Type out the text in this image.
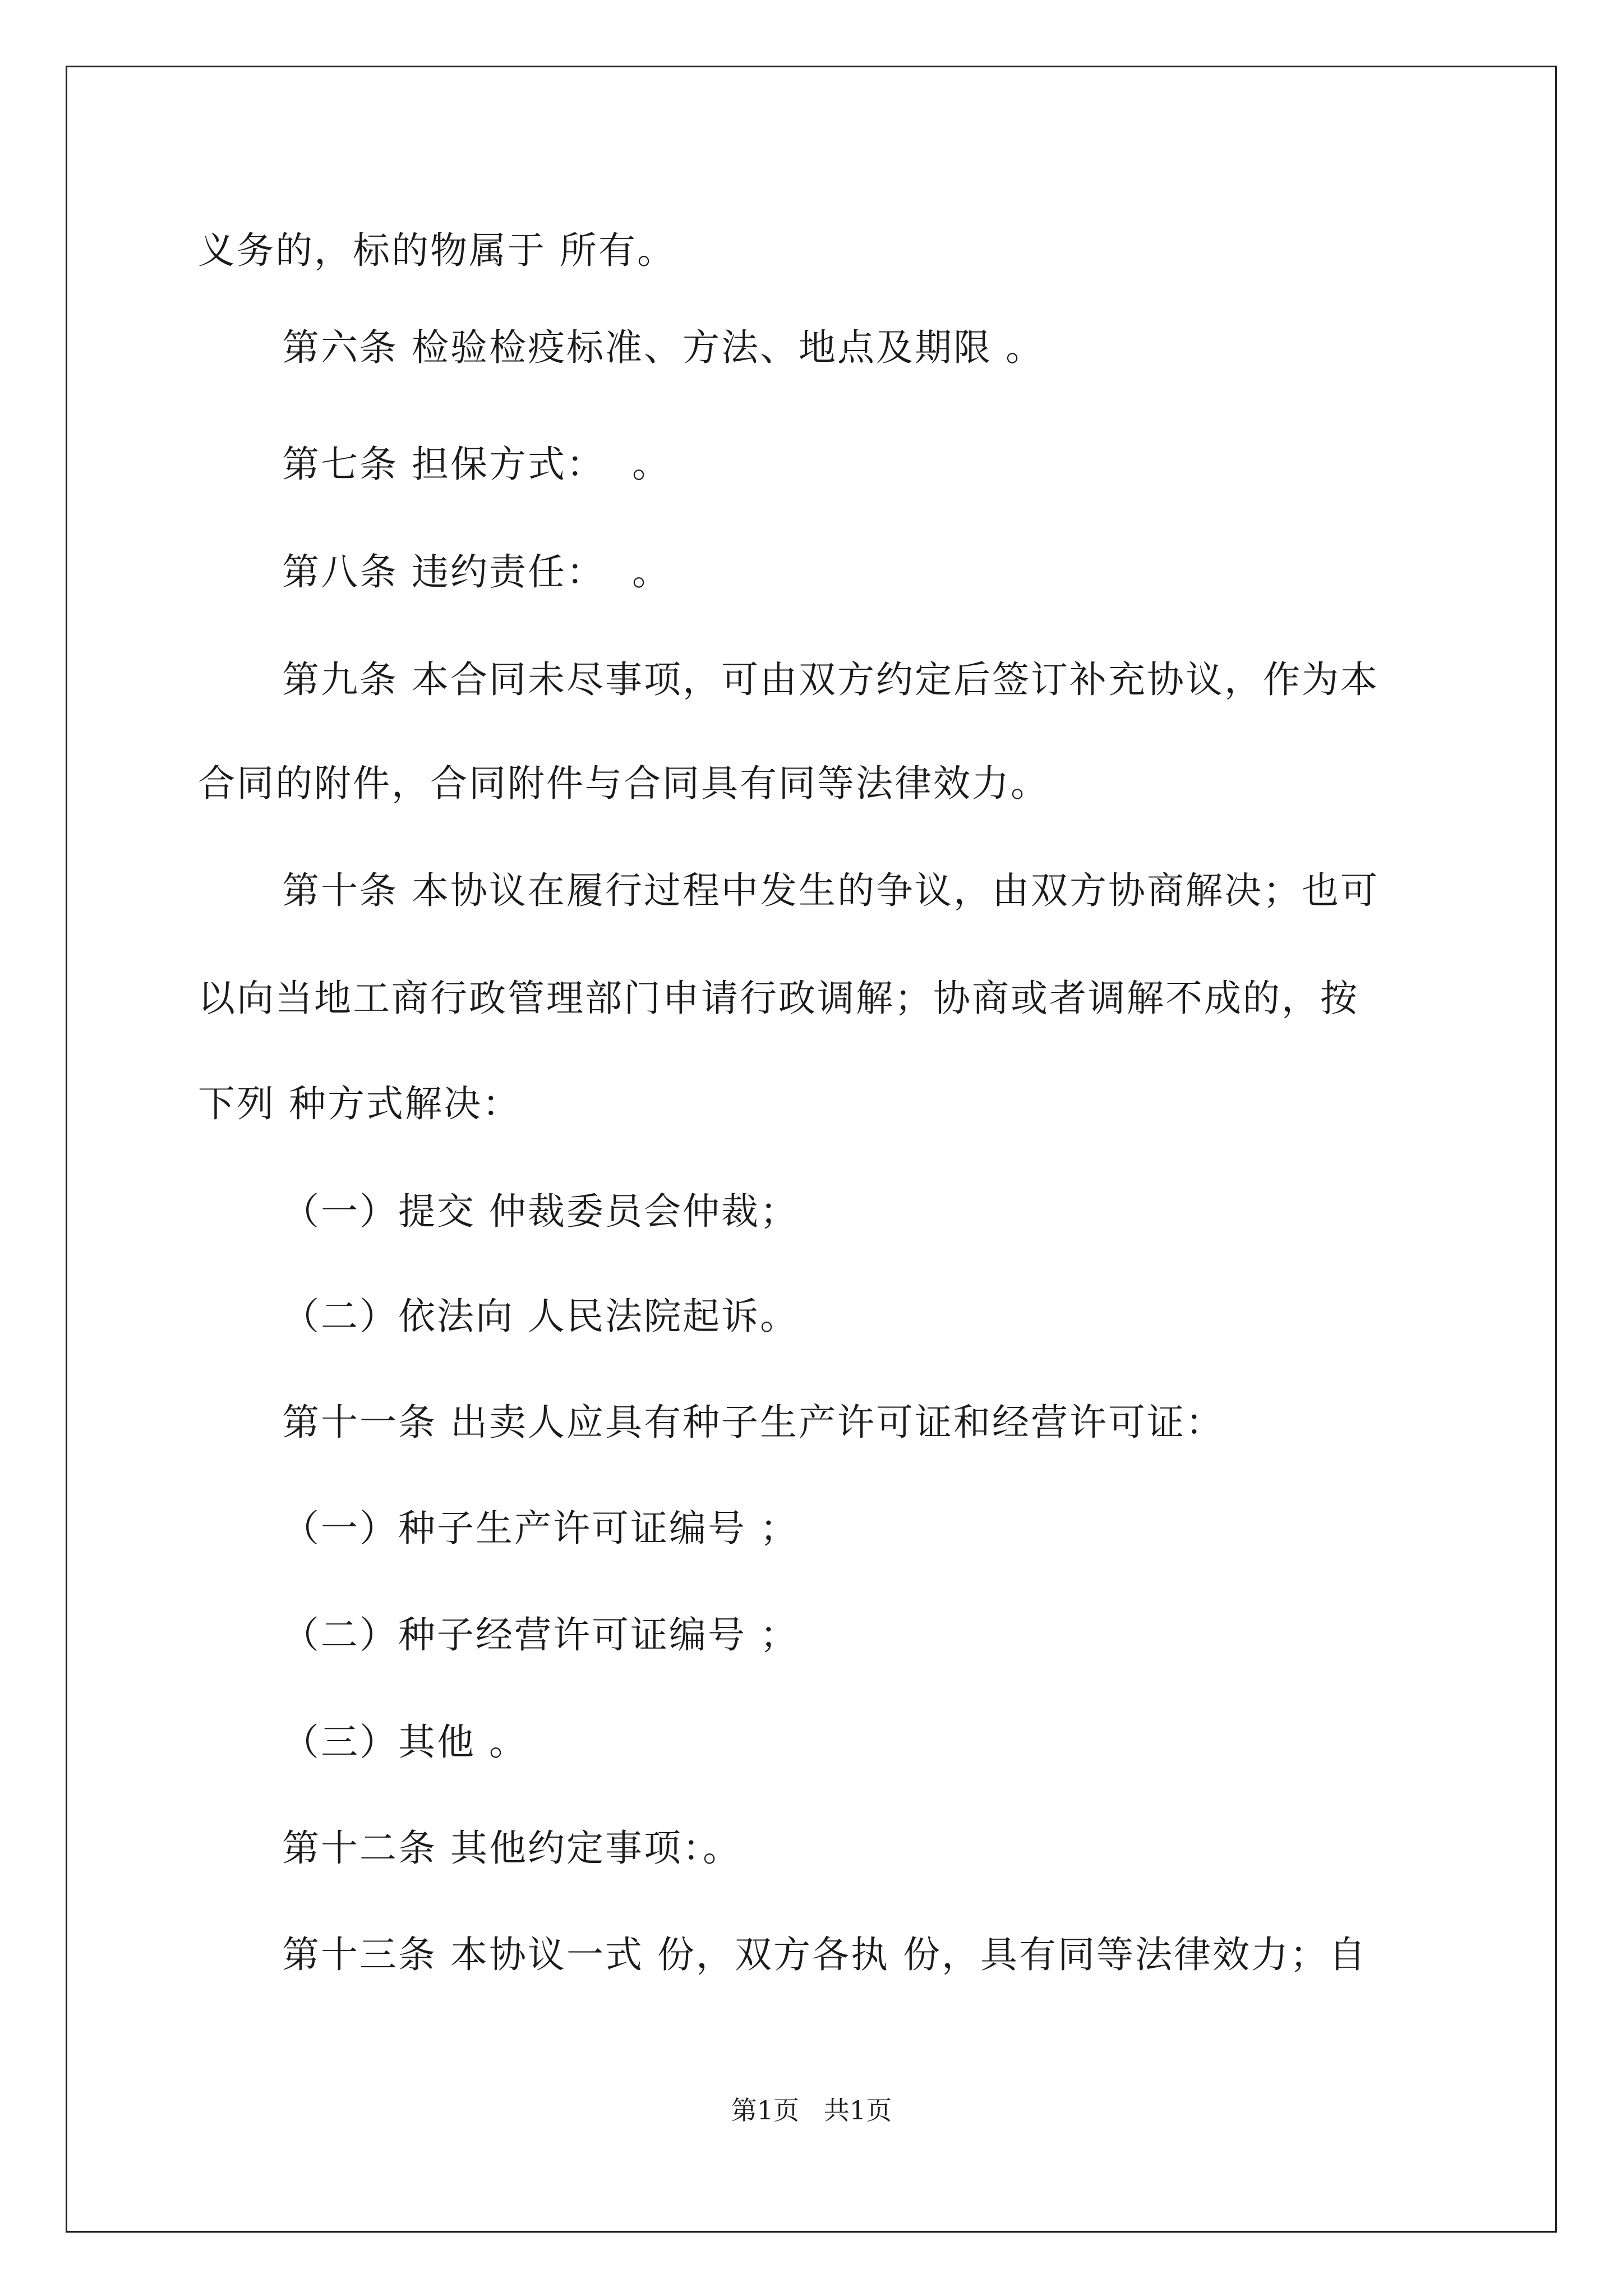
义务的，标的物属于 所有。
第六条 检验检疫标准、方法、地点及期限 。
第七条 担保方式：  。
第八条 违约责任：  。
第九条 本合同未尽事项，可由双方约定后签订补充协议，作为本
合同的附件，合同附件与合同具有同等法律效力。
第十条 本协议在履行过程中发生的争议，由双方协商解决；也可
以向当地工商行政管理部门申请行政调解；协商或者调解不成的，按
下列 种方式解决：
（一）提交 仲裁委员会仲裁；
（二）依法向 人民法院起诉。
第十一条 出卖人应具有种子生产许可证和经营许可证：
（一）种子生产许可证编号 ；
（二）种子经营许可证编号 ；
（三）其他 。
第十二条 其他约定事项：。
第十三条 本协议一式 份，双方各执 份，具有同等法律效力；自
第1页   共1页
